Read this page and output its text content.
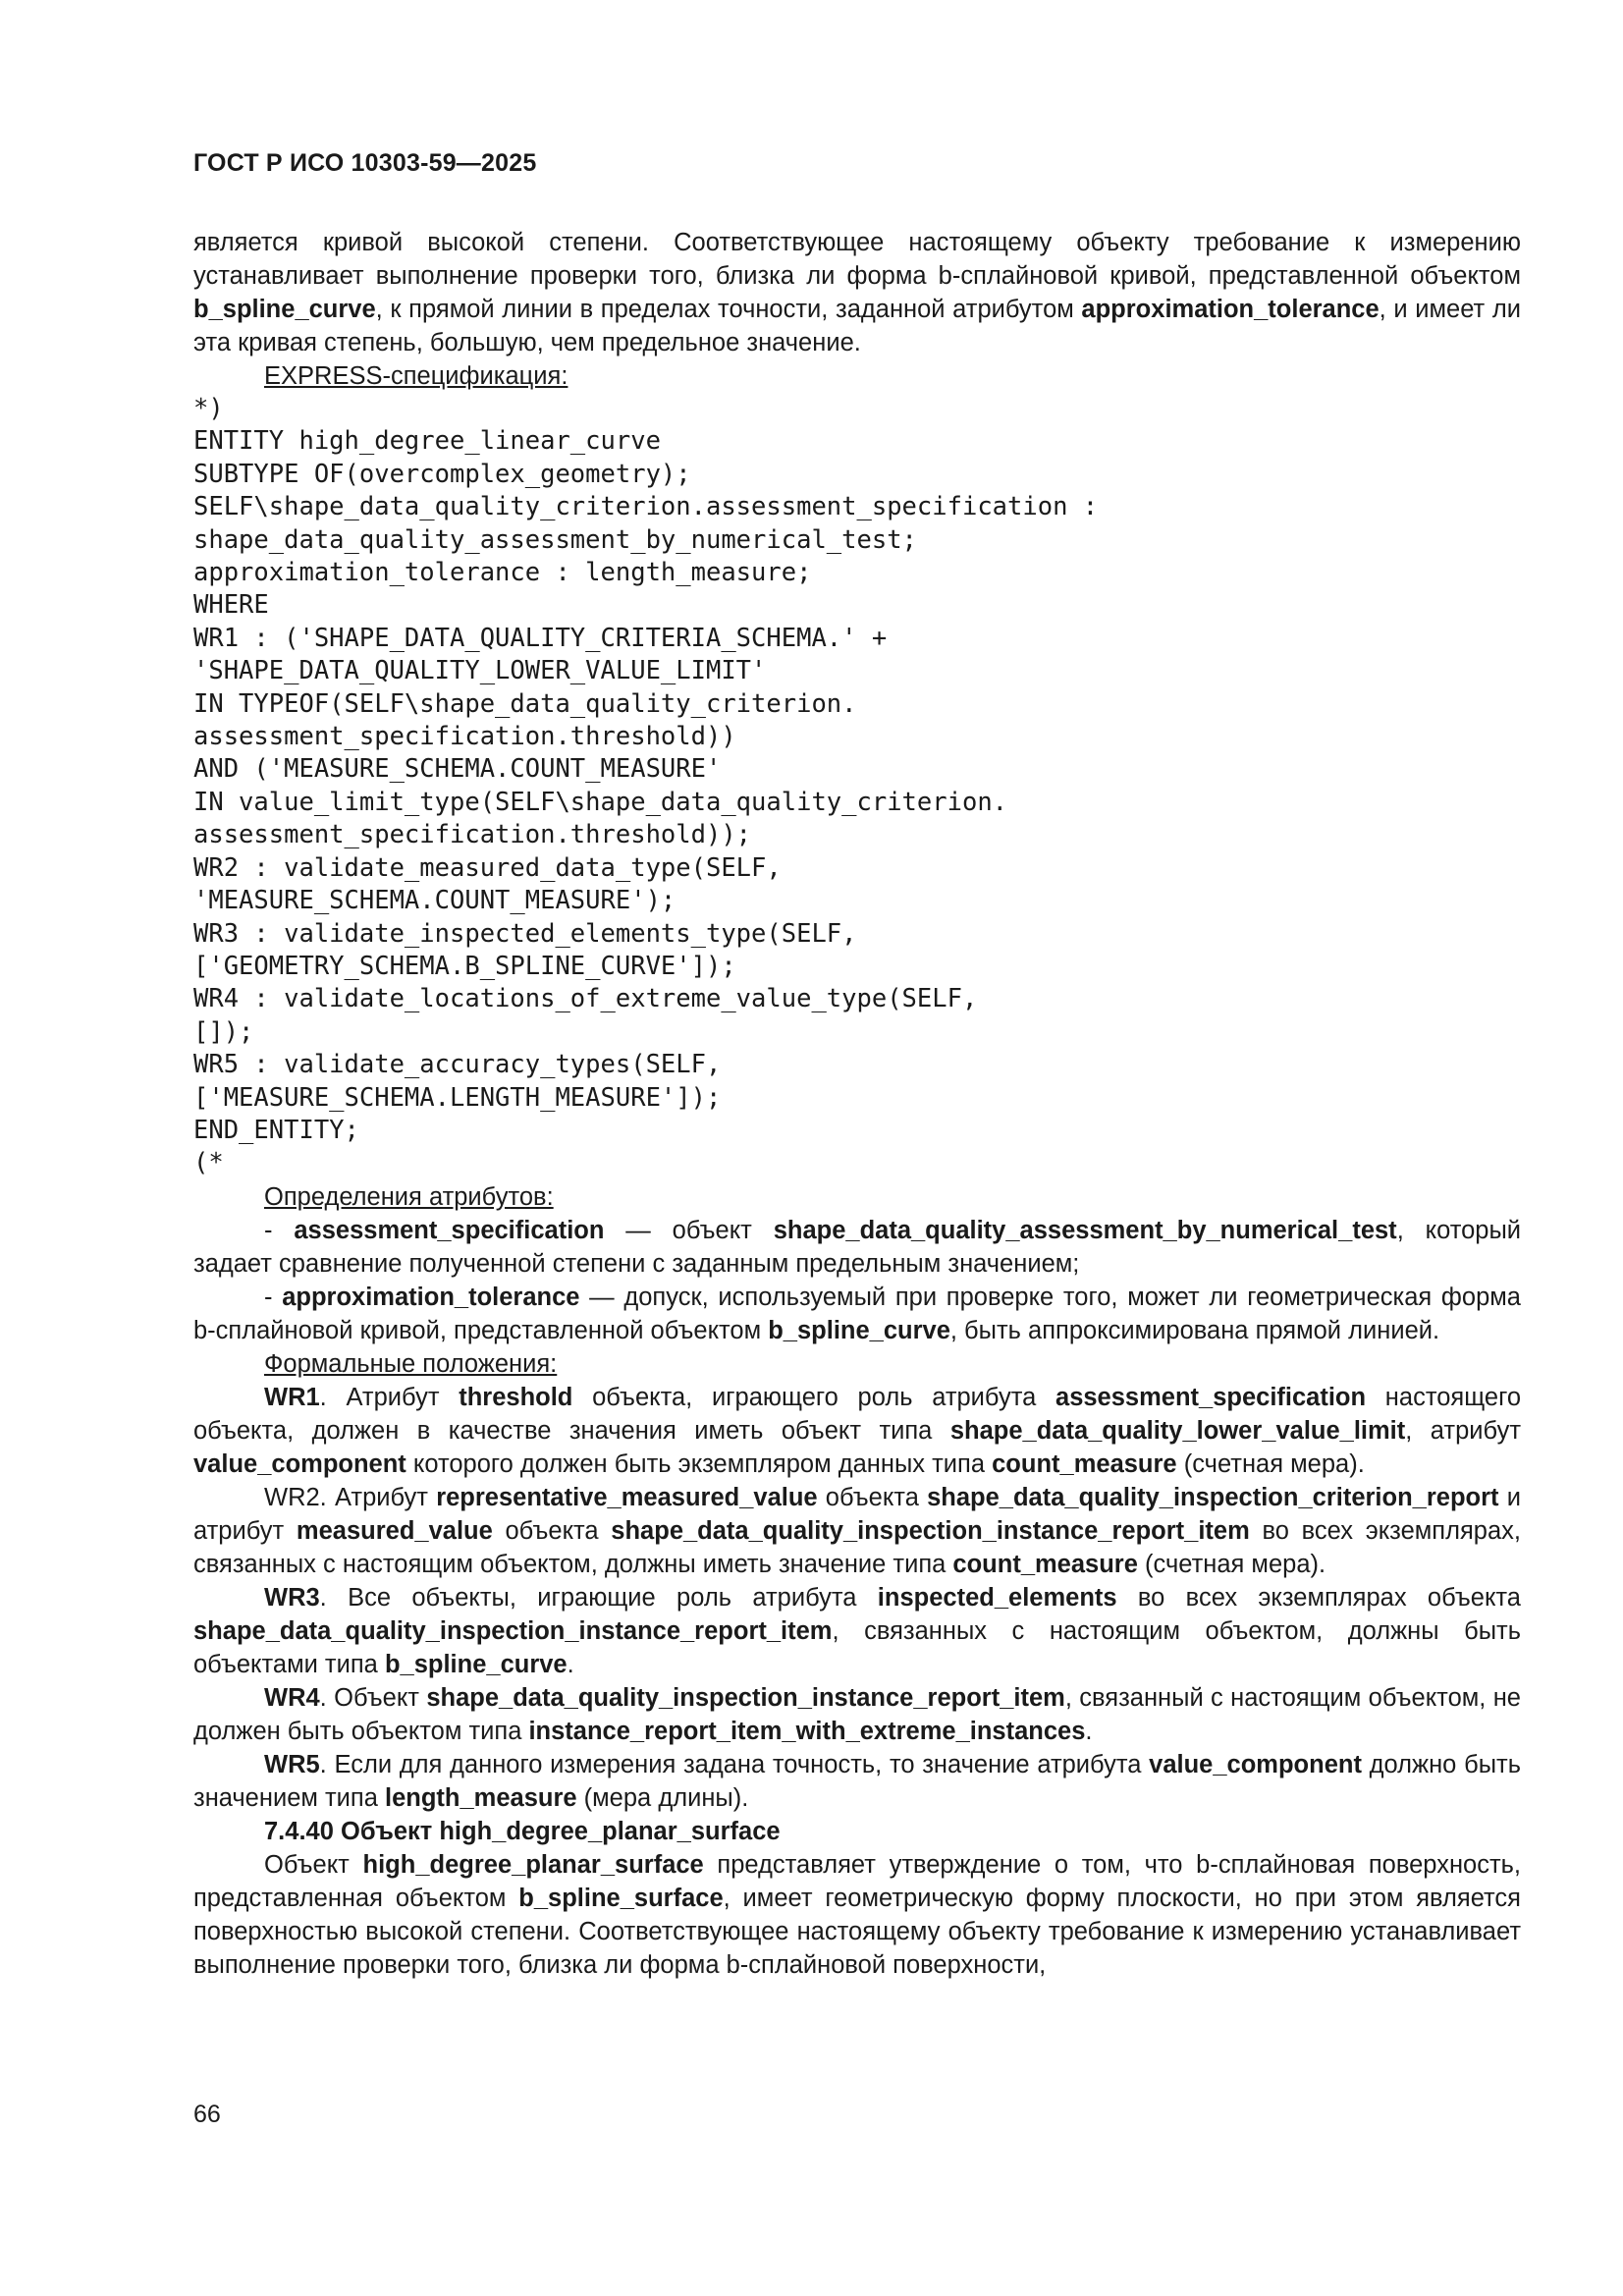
ГОСТ Р ИСО 10303-59—2025

является кривой высокой степени. Соответствующее настоящему объекту требование к измерению устанавливает выполнение проверки того, близка ли форма b-сплайновой кривой, представленной объектом b_spline_curve, к прямой линии в пределах точности, заданной атрибутом approximation_tolerance, и имеет ли эта кривая степень, большую, чем предельное значение.

EXPRESS-спецификация:
*)
ENTITY high_degree_linear_curve
SUBTYPE OF(overcomplex_geometry);
SELF\shape_data_quality_criterion.assessment_specification :
shape_data_quality_assessment_by_numerical_test;
approximation_tolerance : length_measure;
WHERE
WR1 : ('SHAPE_DATA_QUALITY_CRITERIA_SCHEMA.' +
'SHAPE_DATA_QUALITY_LOWER_VALUE_LIMIT'
IN TYPEOF(SELF\shape_data_quality_criterion.
assessment_specification.threshold))
AND ('MEASURE_SCHEMA.COUNT_MEASURE'
IN value_limit_type(SELF\shape_data_quality_criterion.
assessment_specification.threshold));
WR2 : validate_measured_data_type(SELF,
'MEASURE_SCHEMA.COUNT_MEASURE');
WR3 : validate_inspected_elements_type(SELF,
['GEOMETRY_SCHEMA.B_SPLINE_CURVE']);
WR4 : validate_locations_of_extreme_value_type(SELF,
[]);
WR5 : validate_accuracy_types(SELF,
['MEASURE_SCHEMA.LENGTH_MEASURE']);
END_ENTITY;
(*
Определения атрибутов:

- assessment_specification — объект shape_data_quality_assessment_by_numerical_test, который задает сравнение полученной степени с заданным предельным значением;

- approximation_tolerance — допуск, используемый при проверке того, может ли геометрическая форма b-сплайновой кривой, представленной объектом b_spline_curve, быть аппроксимирована прямой линией.

Формальные положения:

WR1. Атрибут threshold объекта, играющего роль атрибута assessment_specification настоящего объекта, должен в качестве значения иметь объект типа shape_data_quality_lower_value_limit, атрибут value_component которого должен быть экземпляром данных типа count_measure (счетная мера).

WR2. Атрибут representative_measured_value объекта shape_data_quality_inspection_criterion_report и атрибут measured_value объекта shape_data_quality_inspection_instance_report_item во всех экземплярах, связанных с настоящим объектом, должны иметь значение типа count_measure (счетная мера).

WR3. Все объекты, играющие роль атрибута inspected_elements во всех экземплярах объекта shape_data_quality_inspection_instance_report_item, связанных с настоящим объектом, должны быть объектами типа b_spline_curve.

WR4. Объект shape_data_quality_inspection_instance_report_item, связанный с настоящим объектом, не должен быть объектом типа instance_report_item_with_extreme_instances.

WR5. Если для данного измерения задана точность, то значение атрибута value_component должно быть значением типа length_measure (мера длины).

7.4.40 Объект high_degree_planar_surface

Объект high_degree_planar_surface представляет утверждение о том, что b-сплайновая поверхность, представленная объектом b_spline_surface, имеет геометрическую форму плоскости, но при этом является поверхностью высокой степени. Соответствующее настоящему объекту требование к измерению устанавливает выполнение проверки того, близка ли форма b-сплайновой поверхности,

66
